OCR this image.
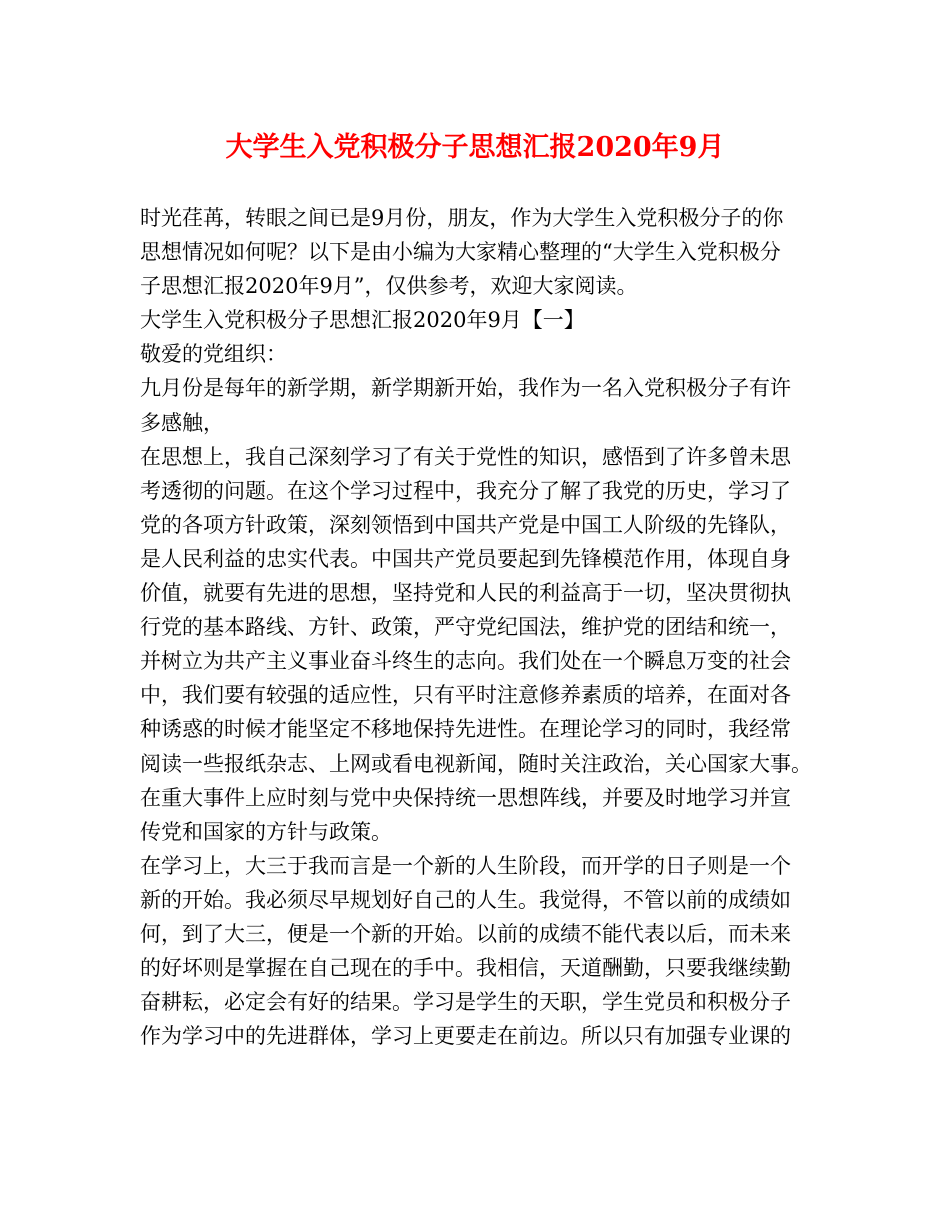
大学生入党积极分子思想汇报2020年9月
时光荏苒，转眼之间已是9月份，朋友，作为大学生入党积极分子的你
思想情况如何呢？以下是由小编为大家精心整理的“大学生入党积极分
子思想汇报2020年9月”，仅供参考，欢迎大家阅读。
大学生入党积极分子思想汇报2020年9月【一】
敬爱的党组织：
九月份是每年的新学期，新学期新开始，我作为一名入党积极分子有许
多感触，
在思想上，我自己深刻学习了有关于党性的知识，感悟到了许多曾未思
考透彻的问题。在这个学习过程中，我充分了解了我党的历史，学习了
党的各项方针政策，深刻领悟到中国共产党是中国工人阶级的先锋队，
是人民利益的忠实代表。中国共产党员要起到先锋模范作用，体现自身
价值，就要有先进的思想，坚持党和人民的利益高于一切，坚决贯彻执
行党的基本路线、方针、政策，严守党纪国法，维护党的团结和统一，
并树立为共产主义事业奋斗终生的志向。我们处在一个瞬息万变的社会
中，我们要有较强的适应性，只有平时注意修养素质的培养，在面对各
种诱惑的时候才能坚定不移地保持先进性。在理论学习的同时，我经常
阅读一些报纸杂志、上网或看电视新闻，随时关注政治，关心国家大事。
在重大事件上应时刻与党中央保持统一思想阵线，并要及时地学习并宣
传党和国家的方针与政策。
在学习上，大三于我而言是一个新的人生阶段，而开学的日子则是一个
新的开始。我必须尽早规划好自己的人生。我觉得，不管以前的成绩如
何，到了大三，便是一个新的开始。以前的成绩不能代表以后，而未来
的好坏则是掌握在自己现在的手中。我相信，天道酬勤，只要我继续勤
奋耕耘，必定会有好的结果。学习是学生的天职，学生党员和积极分子
作为学习中的先进群体，学习上更要走在前边。所以只有加强专业课的
